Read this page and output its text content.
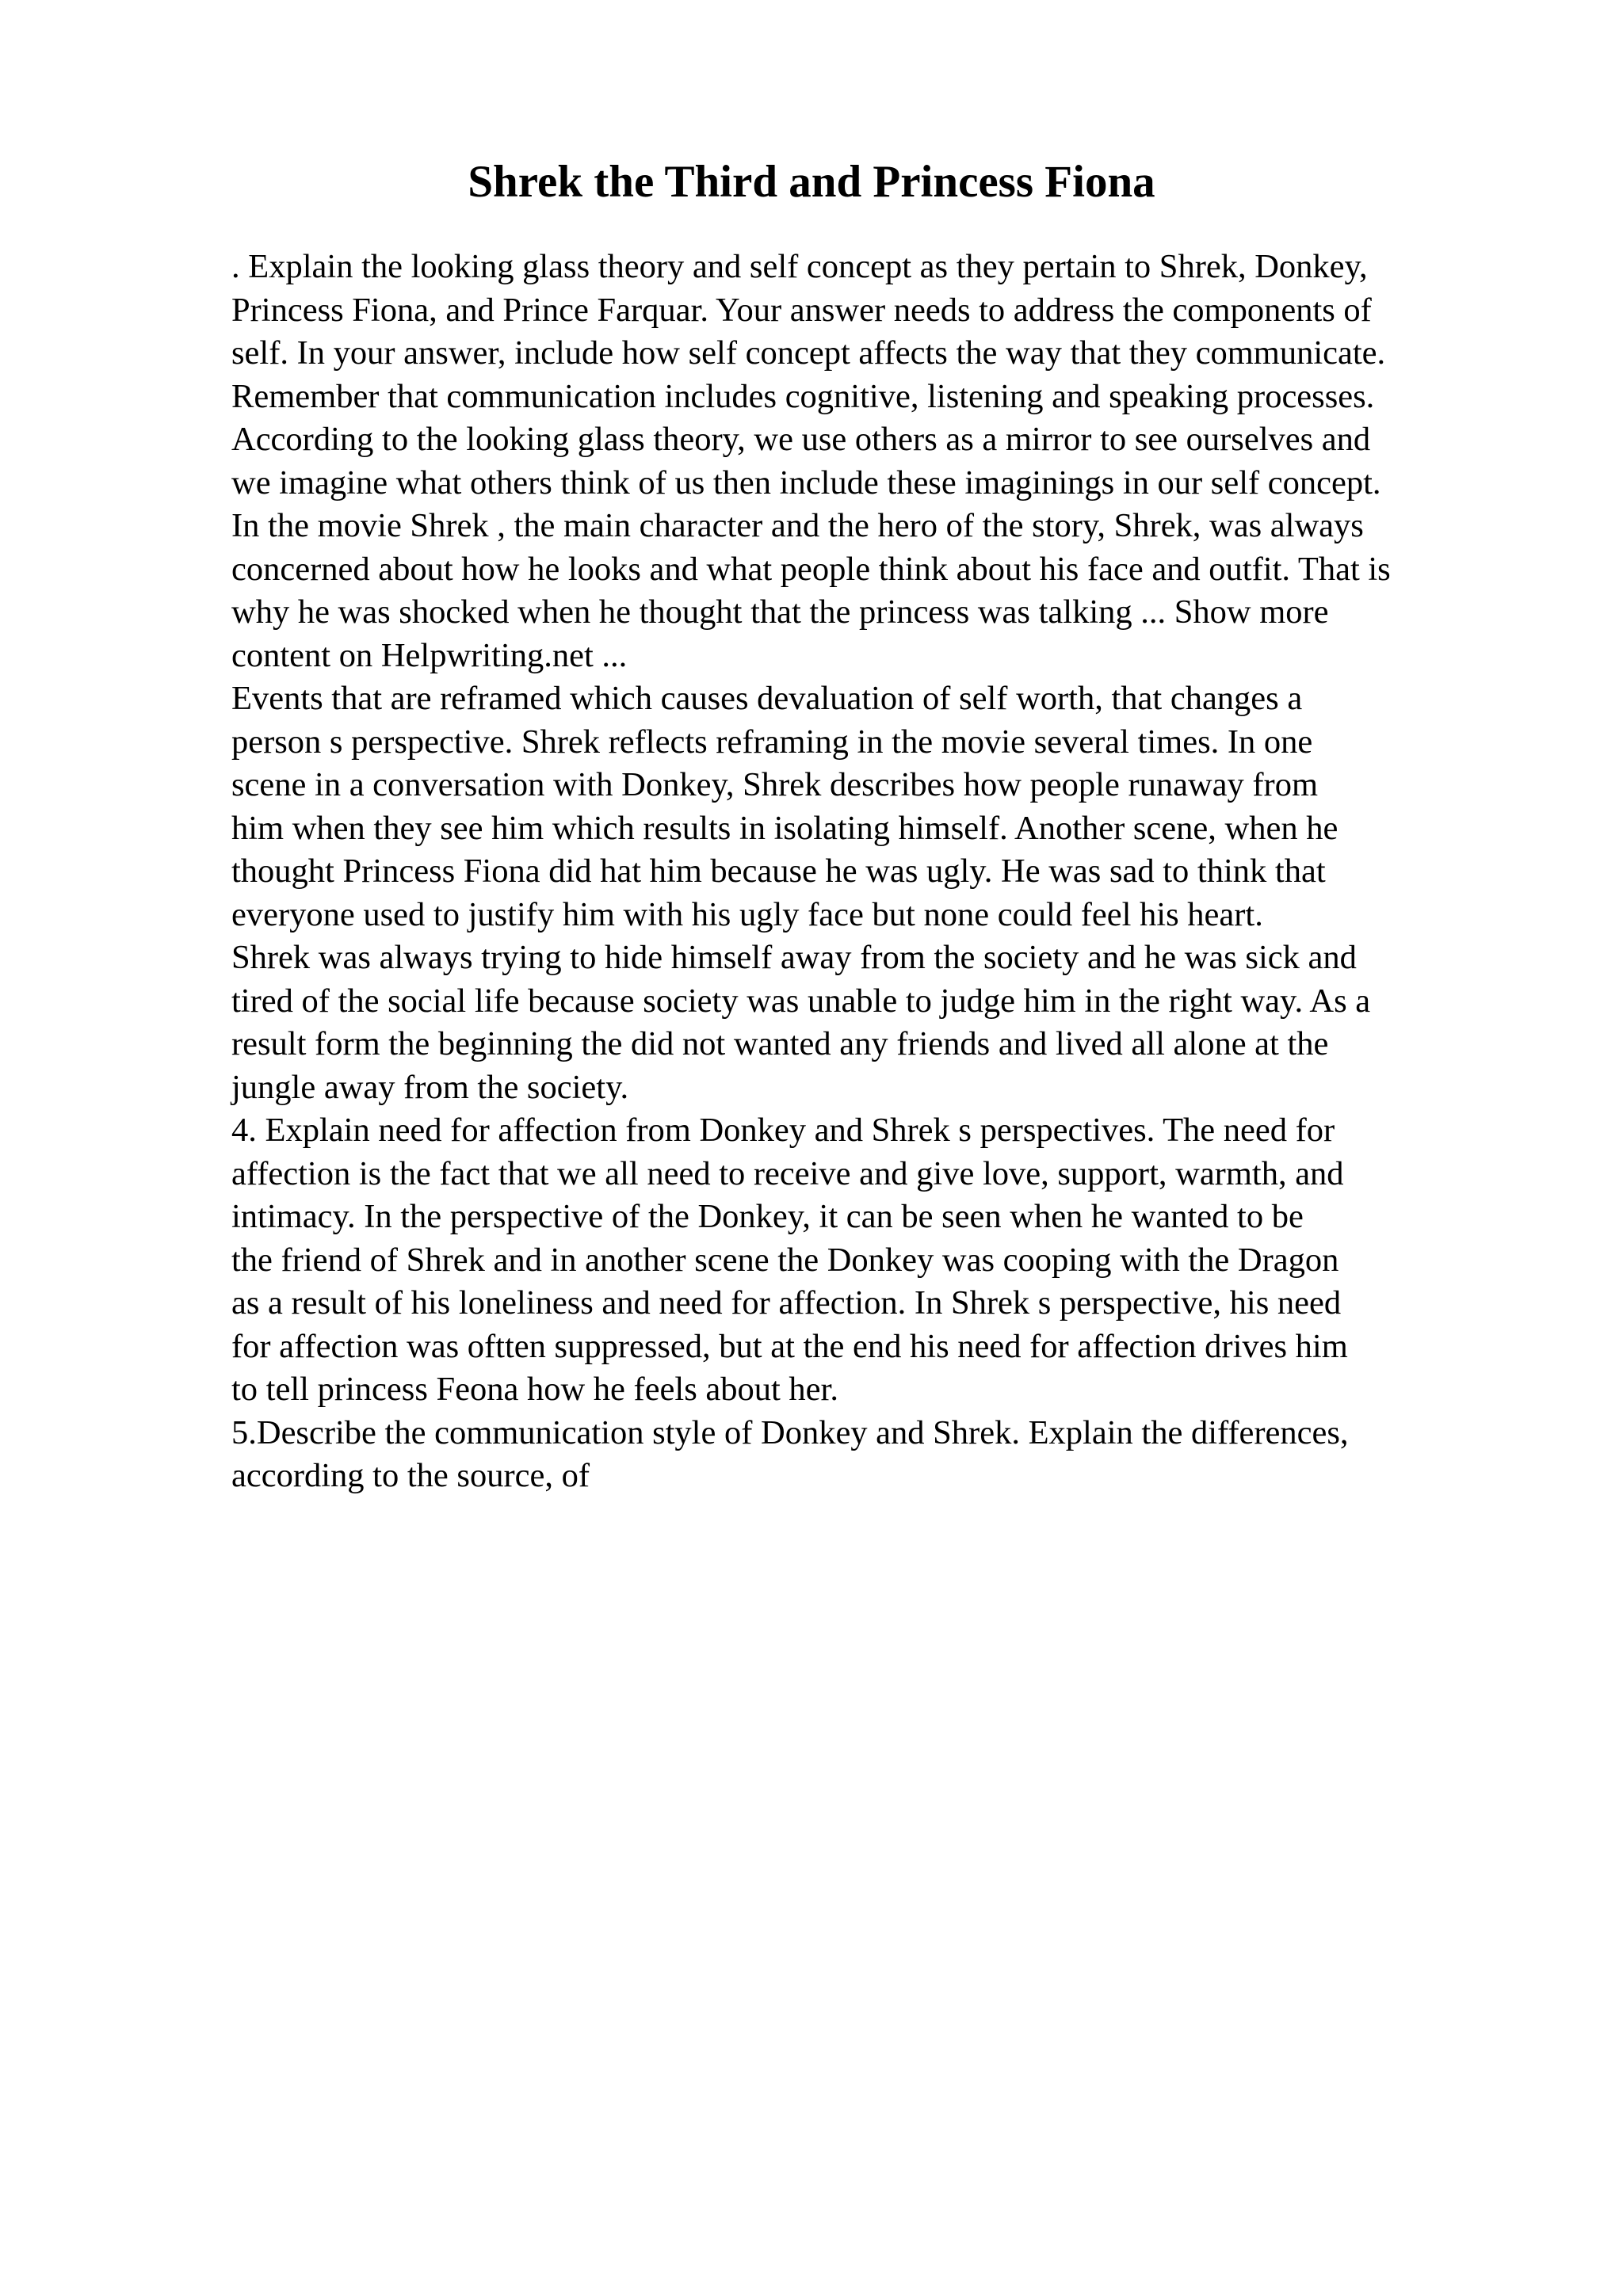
Shrek the Third and Princess Fiona
. Explain the looking glass theory and self concept as they pertain to Shrek, Donkey,
Princess Fiona, and Prince Farquar. Your answer needs to address the components of
self. In your answer, include how self concept affects the way that they communicate.
Remember that communication includes cognitive, listening and speaking processes.
According to the looking glass theory, we use others as a mirror to see ourselves and
we imagine what others think of us then include these imaginings in our self concept.
In the movie Shrek , the main character and the hero of the story, Shrek, was always
concerned about how he looks and what people think about his face and outfit. That is
why he was shocked when he thought that the princess was talking ... Show more
content on Helpwriting.net ...
Events that are reframed which causes devaluation of self worth, that changes a
person s perspective. Shrek reflects reframing in the movie several times. In one
scene in a conversation with Donkey, Shrek describes how people runaway from
him when they see him which results in isolating himself. Another scene, when he
thought Princess Fiona did hat him because he was ugly. He was sad to think that
everyone used to justify him with his ugly face but none could feel his heart.
Shrek was always trying to hide himself away from the society and he was sick and
tired of the social life because society was unable to judge him in the right way. As a
result form the beginning the did not wanted any friends and lived all alone at the
jungle away from the society.
4. Explain need for affection from Donkey and Shrek s perspectives. The need for
affection is the fact that we all need to receive and give love, support, warmth, and
intimacy. In the perspective of the Donkey, it can be seen when he wanted to be
the friend of Shrek and in another scene the Donkey was cooping with the Dragon
as a result of his loneliness and need for affection. In Shrek s perspective, his need
for affection was oftten suppressed, but at the end his need for affection drives him
to tell princess Feona how he feels about her.
5.Describe the communication style of Donkey and Shrek. Explain the differences,
according to the source, of
